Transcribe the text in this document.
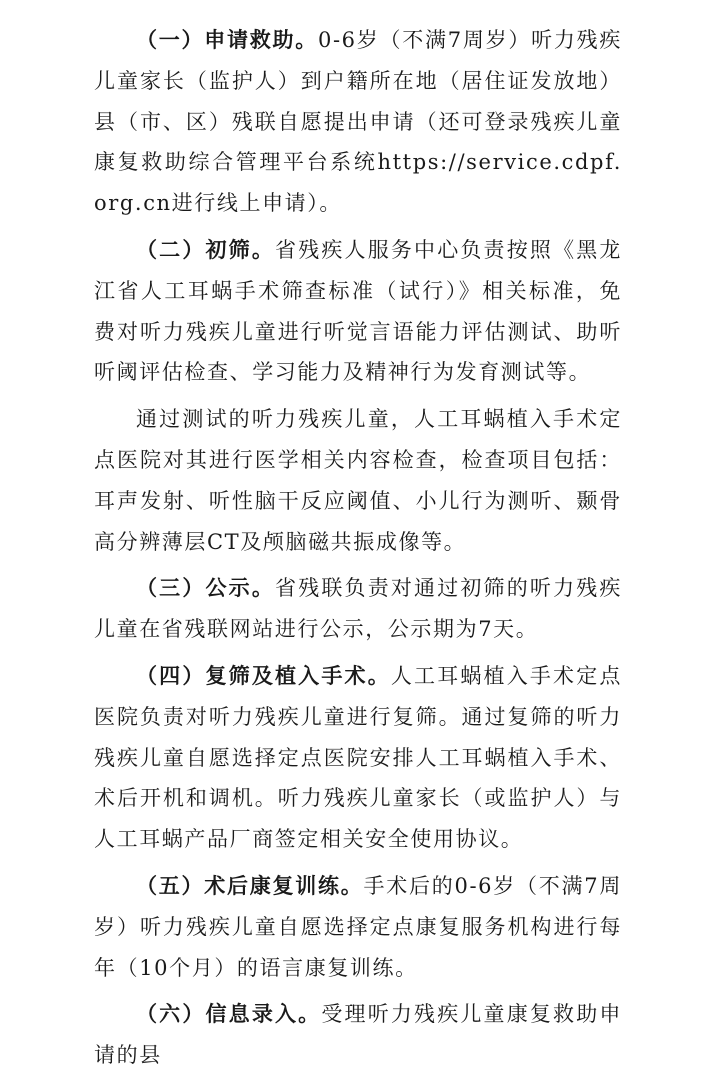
（一）申请救助。0-6岁（不满7周岁）听力残疾儿童家长（监护人）到户籍所在地（居住证发放地）县（市、区）残联自愿提出申请（还可登录残疾儿童康复救助综合管理平台系统https://service.cdpf.org.cn进行线上申请）。

（二）初筛。省残疾人服务中心负责按照《黑龙江省人工耳蜗手术筛查标准（试行）》相关标准，免费对听力残疾儿童进行听觉言语能力评估测试、助听听阈评估检查、学习能力及精神行为发育测试等。

通过测试的听力残疾儿童，人工耳蜗植入手术定点医院对其进行医学相关内容检查，检查项目包括：耳声发射、听性脑干反应阈值、小儿行为测听、颞骨高分辨薄层CT及颅脑磁共振成像等。

（三）公示。省残联负责对通过初筛的听力残疾儿童在省残联网站进行公示，公示期为7天。

（四）复筛及植入手术。人工耳蜗植入手术定点医院负责对听力残疾儿童进行复筛。通过复筛的听力残疾儿童自愿选择定点医院安排人工耳蜗植入手术、术后开机和调机。听力残疾儿童家长（或监护人）与人工耳蜗产品厂商签定相关安全使用协议。

（五）术后康复训练。手术后的0-6岁（不满7周岁）听力残疾儿童自愿选择定点康复服务机构进行每年（10个月）的语言康复训练。

（六）信息录入。受理听力残疾儿童康复救助申请的县
